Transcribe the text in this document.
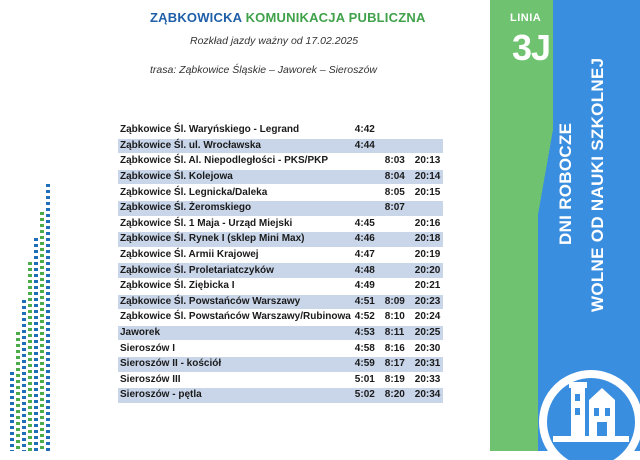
ZĄBKOWICKA KOMUNIKACJA PUBLICZNA
Rozkład jazdy ważny od 17.02.2025
trasa: Ząbkowice Śląskie – Jaworek – Sieroszów
Ząbkowice Śl. Waryńskiego - Legrand	4:42		
Ząbkowice Śl. ul. Wrocławska	4:44		
Ząbkowice Śl. Al. Niepodległości - PKS/PKP		8:03	20:13
Ząbkowice Śl. Kolejowa		8:04	20:14
Ząbkowice Śl. Legnicka/Daleka		8:05	20:15
Ząbkowice Śl. Żeromskiego		8:07	
Ząbkowice Śl. 1 Maja - Urząd Miejski	4:45		20:16
Ząbkowice Śl. Rynek I (sklep Mini Max)	4:46		20:18
Ząbkowice Śl. Armii Krajowej	4:47		20:19
Ząbkowice Śl. Proletariatczyków	4:48		20:20
Ząbkowice Śl. Ziębicka I	4:49		20:21
Ząbkowice Śl. Powstańców Warszawy	4:51	8:09	20:23
Ząbkowice Śl. Powstańców Warszawy/Rubinowa	4:52	8:10	20:24
Jaworek	4:53	8:11	20:25
Sieroszów I	4:58	8:16	20:30
Sieroszów II - kościół	4:59	8:17	20:31
Sieroszów III	5:01	8:19	20:33
Sieroszów - pętla	5:02	8:20	20:34
LINIA
3J
DNI ROBOCZE WOLNE OD NAUKI SZKOLNEJ
